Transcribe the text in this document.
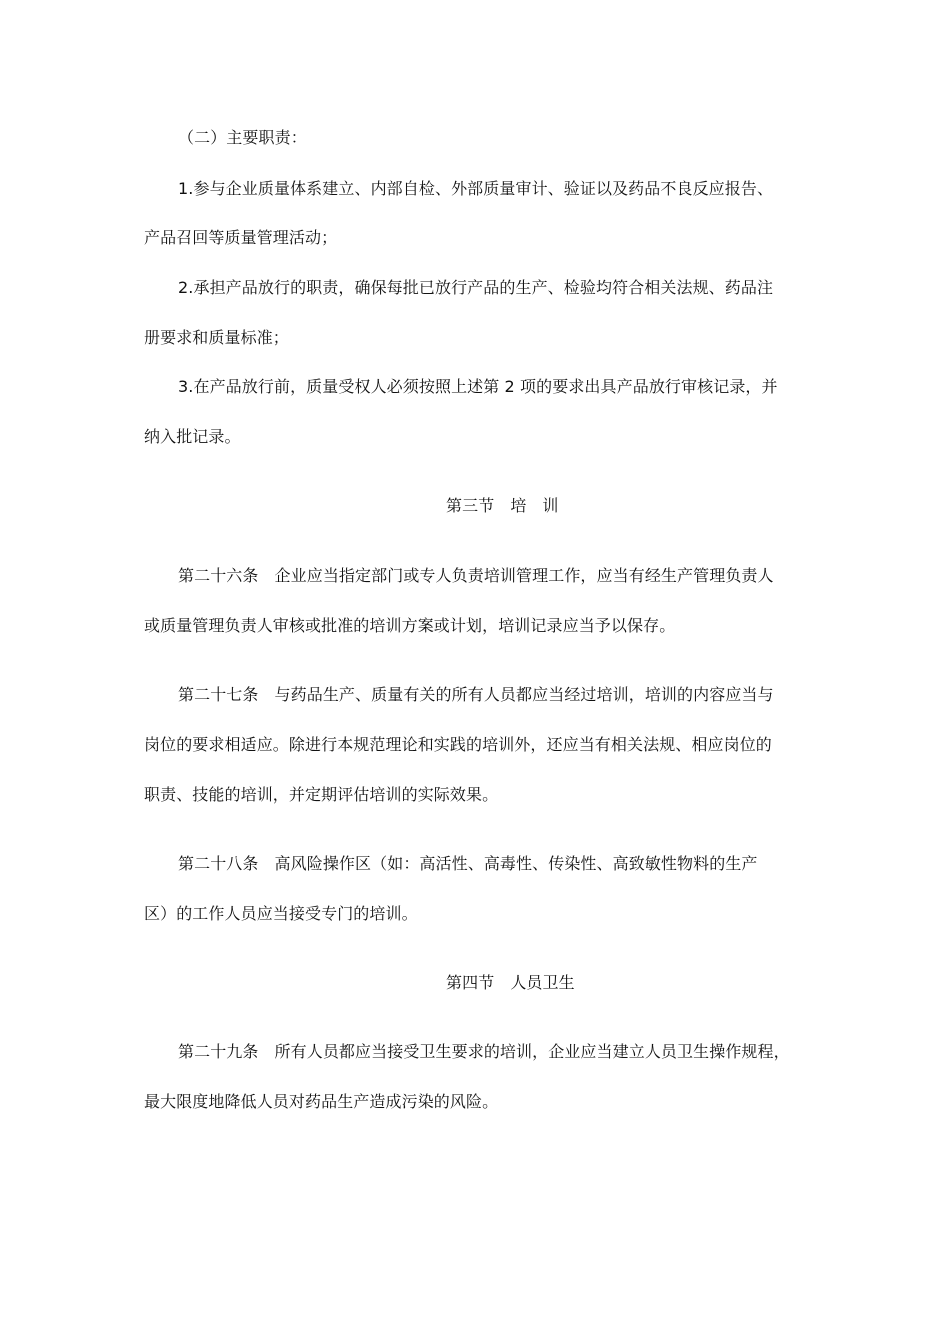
（二）主要职责：
1.参与企业质量体系建立、内部自检、外部质量审计、验证以及药品不良反应报告、
产品召回等质量管理活动；
2.承担产品放行的职责，确保每批已放行产品的生产、检验均符合相关法规、药品注
册要求和质量标准；
3.在产品放行前，质量受权人必须按照上述第 2 项的要求出具产品放行审核记录，并
纳入批记录。
第三节 培 训
第二十六条 企业应当指定部门或专人负责培训管理工作，应当有经生产管理负责人
或质量管理负责人审核或批准的培训方案或计划，培训记录应当予以保存。
第二十七条 与药品生产、质量有关的所有人员都应当经过培训，培训的内容应当与
岗位的要求相适应。除进行本规范理论和实践的培训外，还应当有相关法规、相应岗位的
职责、技能的培训，并定期评估培训的实际效果。
第二十八条 高风险操作区（如：高活性、高毒性、传染性、高致敏性物料的生产
区）的工作人员应当接受专门的培训。
第四节 人员卫生
第二十九条 所有人员都应当接受卫生要求的培训，企业应当建立人员卫生操作规程，
最大限度地降低人员对药品生产造成污染的风险。
